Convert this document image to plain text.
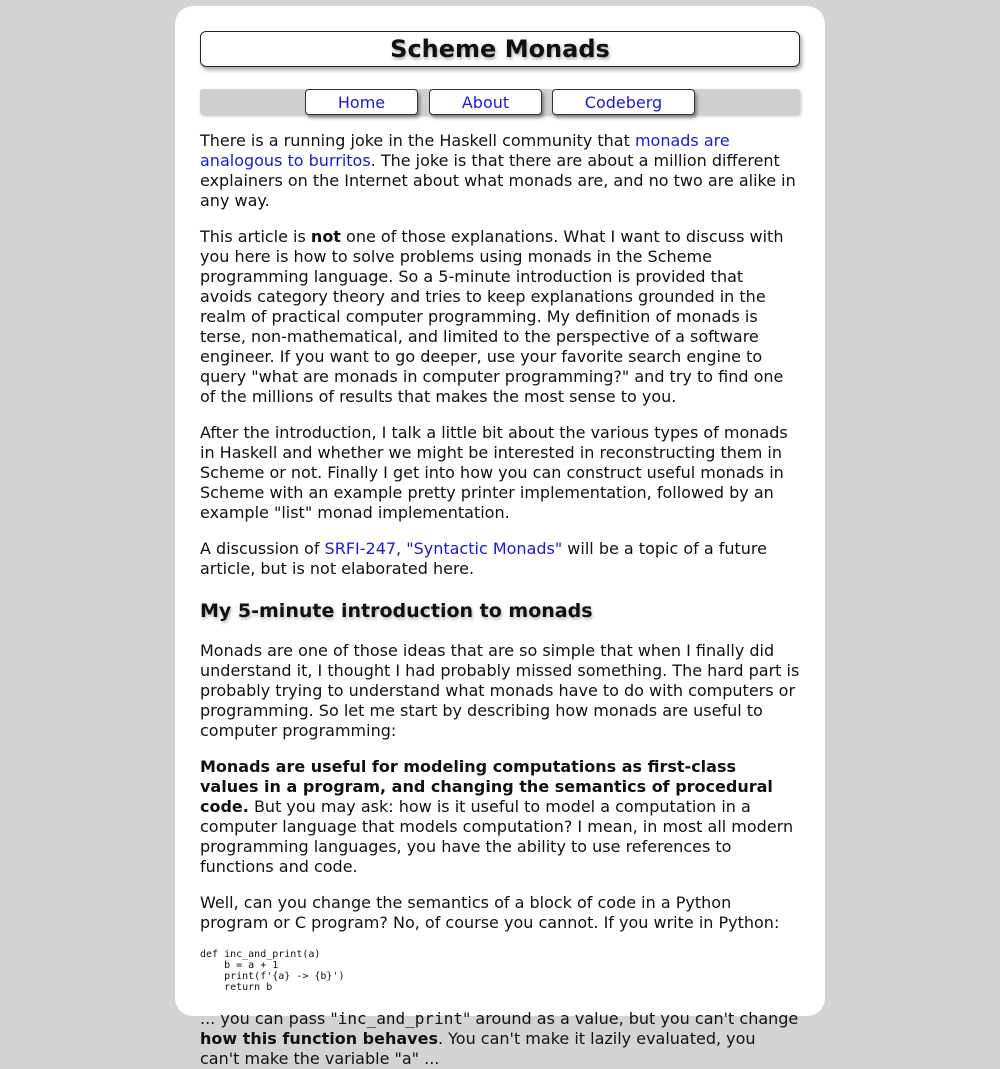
Scheme Monads
Home	About	Codeberg

There is a running joke in the Haskell community that monads are analogous to burritos. The joke is that there are about a million different explainers on the Internet about what monads are, and no two are alike in any way.

This article is not one of those explanations. What I want to discuss with you here is how to solve problems using monads in the Scheme programming language. So a 5-minute introduction is provided that avoids category theory and tries to keep explanations grounded in the realm of practical computer programming. My definition of monads is terse, non-mathematical, and limited to the perspective of a software engineer. If you want to go deeper, use your favorite search engine to query "what are monads in computer programming?" and try to find one of the millions of results that makes the most sense to you.

After the introduction, I talk a little bit about the various types of monads in Haskell and whether we might be interested in reconstructing them in Scheme or not. Finally I get into how you can construct useful monads in Scheme with an example pretty printer implementation, followed by an example "list" monad implementation.

A discussion of SRFI-247, "Syntactic Monads" will be a topic of a future article, but is not elaborated here.

My 5-minute introduction to monads

Monads are one of those ideas that are so simple that when I finally did understand it, I thought I had probably missed something. The hard part is probably trying to understand what monads have to do with computers or programming. So let me start by describing how monads are useful to computer programming:

Monads are useful for modeling computations as first-class values in a program, and changing the semantics of procedural code. But you may ask: how is it useful to model a computation in a computer language that models computation? I mean, in most all modern programming languages, you have the ability to use references to functions and code.

Well, can you change the semantics of a block of code in a Python program or C program? No, of course you cannot. If you write in Python:

def inc_and_print(a)
b = a + 1
print(f'{a} -> {b}')
return b

... you can pass "inc_and_print" around as a value, but you can't change how this function behaves. You can't make it lazily evaluated, you can't make the variable "a" ...
